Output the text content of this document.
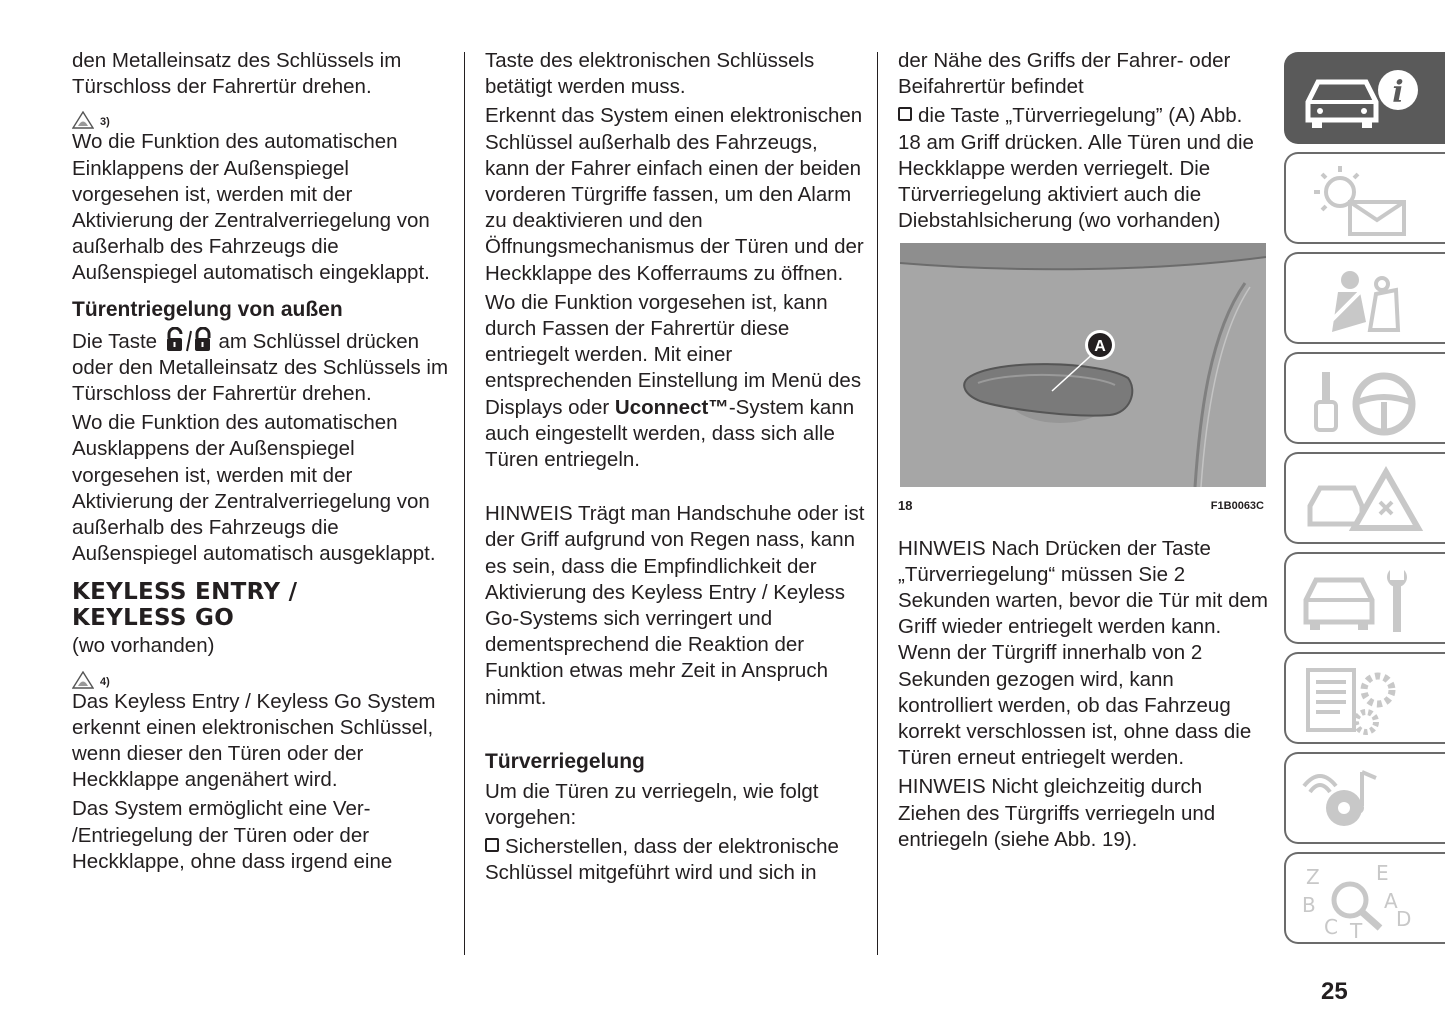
den Metalleinsatz des Schlüssels im Türschloss der Fahrertür drehen.

3)

Wo die Funktion des automatischen Einklappens der Außenspiegel vorgesehen ist, werden mit der Aktivierung der Zentralverriegelung von außerhalb des Fahrzeugs die Außenspiegel automatisch eingeklappt.

Türentriegelung von außen

Die Taste	am Schlüssel drücken oder den Metalleinsatz des Schlüssels im Türschloss der Fahrertür drehen.

Wo die Funktion des automatischen Ausklappens der Außenspiegel vorgesehen ist, werden mit der Aktivierung der Zentralverriegelung von außerhalb des Fahrzeugs die Außenspiegel automatisch ausgeklappt.

KEYLESS ENTRY /
KEYLESS GO

(wo vorhanden)

4)

Das Keyless Entry / Keyless Go System erkennt einen elektronischen Schlüssel, wenn dieser den Türen oder der Heckklappe angenähert wird.

Das System ermöglicht eine Ver- /Entriegelung der Türen oder der Heckklappe, ohne dass irgend eine

Taste des elektronischen Schlüssels betätigt werden muss.

Erkennt das System einen elektronischen Schlüssel außerhalb des Fahrzeugs, kann der Fahrer einfach einen der beiden vorderen Türgriffe fassen, um den Alarm zu deaktivieren und den Öffnungsmechanismus der Türen und der Heckklappe des Kofferraums zu öffnen.

Wo die Funktion vorgesehen ist, kann durch Fassen der Fahrertür diese entriegelt werden. Mit einer entsprechenden Einstellung im Menü des Displays oder Uconnect™-System kann auch eingestellt werden, dass sich alle Türen entriegeln.

HINWEIS Trägt man Handschuhe oder ist der Griff aufgrund von Regen nass, kann es sein, dass die Empfindlichkeit der Aktivierung des Keyless Entry / Keyless Go-Systems sich verringert und dementsprechend die Reaktion der Funktion etwas mehr Zeit in Anspruch nimmt.

Türverriegelung

Um die Türen zu verriegeln, wie folgt vorgehen:

Sicherstellen, dass der elektronische Schlüssel mitgeführt wird und sich in

der Nähe des Griffs der Fahrer- oder Beifahrertür befindet

die Taste „Türverriegelung” (A) Abb. 18 am Griff drücken. Alle Türen und die Heckklappe werden verriegelt. Die Türverriegelung aktiviert auch die Diebstahlsicherung (wo vorhanden)

A
18	F1B0063C

HINWEIS Nach Drücken der Taste „Türverriegelung“ müssen Sie 2 Sekunden warten, bevor die Tür mit dem Griff wieder entriegelt werden kann. Wenn der Türgriff innerhalb von 2 Sekunden gezogen wird, kann kontrolliert werden, ob das Fahrzeug korrekt verschlossen ist, ohne dass die Türen erneut entriegelt werden.

HINWEIS Nicht gleichzeitig durch Ziehen des Türgriffs verriegeln und entriegeln (siehe Abb. 19).

i
Z	E
B	A
C T D
25
